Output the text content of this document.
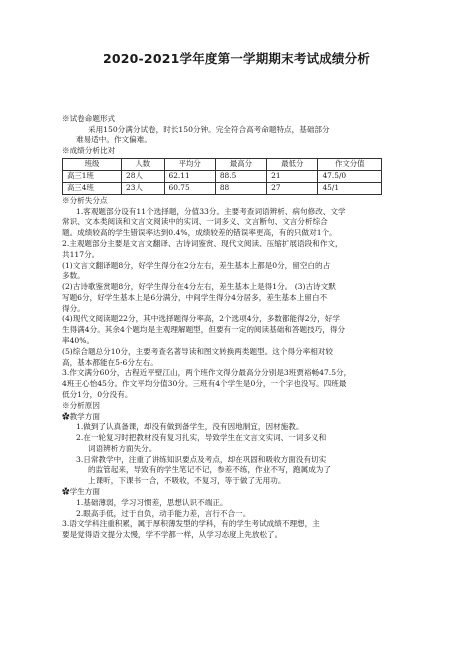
2020-2021学年度第一学期期末考试成绩分析

※试卷命题形式

采用150分满分试卷，时长150分钟。完全符合高考命题特点，基础部分

难易适中。作文偏难。

※成绩分析比对

班级	人数	平均分	最高分	最低分	作文分值
高三1班	28人	62.11	88.5	21	47.5/0
高三4班	23人	60.75	88	27	45/1

※分析失分点

1.客观题部分设有11个选择题，分值33分。主要考查词语辨析、病句修改、文学

常识、文本类阅读和文言文阅读中的实词、一词多义、文言断句、文言分析综合

题。成绩较高的学生错误率达到0.4%，成绩较差的错误率更高，有的只做对1个。

2.主观题部分主要是文言文翻译、古诗词鉴赏、现代文阅读、压缩扩展语段和作文，

共117分。

(1)文言文翻译题8分，好学生得分在2分左右，差生基本上都是0分，留空白的占

多数。

(2)古诗歌鉴赏题8分，好学生得分在4分左右，差生基本上是得1分。 (3)古诗文默

写题6分，好学生基本上是6分满分，中间学生得分4分居多，差生基本上留白不

得分。

(4)现代文阅读题22分，其中选择题得分率高，2个选项4分，多数都能得2分，好学

生得满4分。其余4个题均是主观理解题型，但要有一定的阅读基础和答题技巧，得分

率40%。

(5)综合题总分10分，主要考查名著导读和图文转换两类题型。这个得分率相对较

高，基本都能在5-6分左右。

3.作文满分60分，古程近平壁江山，两个班作文得分最高分分别是3班贾裕畅47.5分，

4班王心怡45分。作文平均分值30分。三班有4个学生是0分，一个字也没写。四班最

低分1分，0分没有。

※分析原因

✿教学方面

1.做到了认真备课，却没有做到备学生，没有因地制宜，因材施教。

2.在一轮复习时把教材没有复习扎实，导致学生在文言文实词、一词多义和

词语辨析方面失分。

3.日常教学中，注重了讲练知识要点及考点，却在巩固和吸收方面没有切实

的监管起来，导致有的学生笔记不记，参差不练，作业不写，跑属成为了

上课听，下课书一合，不吸收，不复习，等于做了无用功。

✿学生方面

1.基础薄弱，学习习惯差，思想认识不端正。

2.眼高手低，过于自负，动手能力差，言行不合一。

3.语文学科注重积累，属于厚积薄发型的学科，有的学生考试成绩不理想，主

要是觉得语文提分太慢，学不学都一样，从学习态度上先放松了。
